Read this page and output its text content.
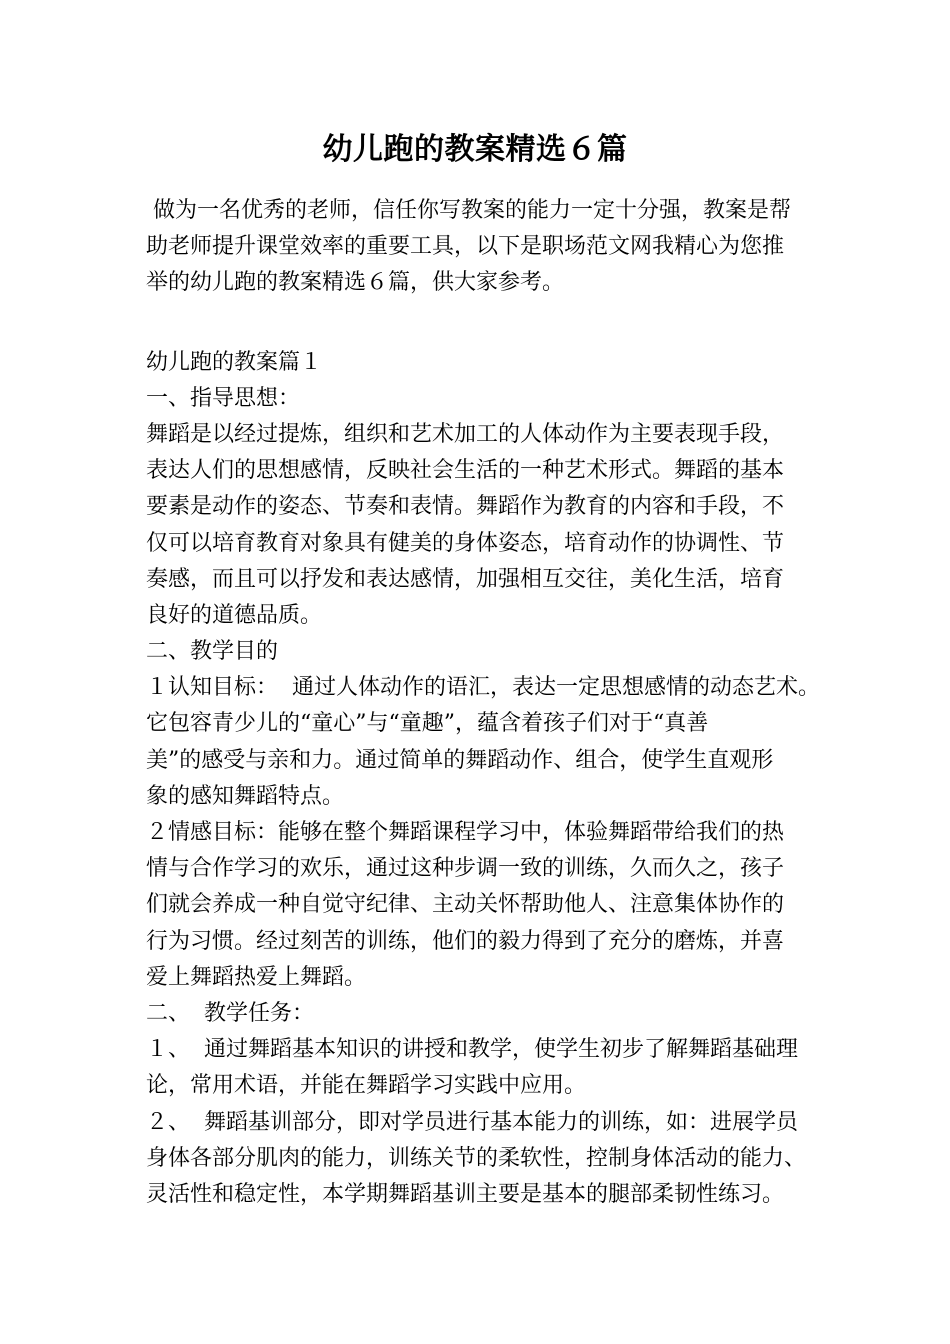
幼儿跑的教案精选６篇
做为一名优秀的老师，信任你写教案的能力一定十分强，教案是帮
助老师提升课堂效率的重要工具，以下是职场范文网我精心为您推
举的幼儿跑的教案精选６篇，供大家参考。
幼儿跑的教案篇１
一、指导思想：
舞蹈是以经过提炼，组织和艺术加工的人体动作为主要表现手段，
表达人们的思想感情，反映社会生活的一种艺术形式。舞蹈的基本
要素是动作的姿态、节奏和表情。舞蹈作为教育的内容和手段，不
仅可以培育教育对象具有健美的身体姿态，培育动作的协调性、节
奏感，而且可以抒发和表达感情，加强相互交往，美化生活，培育
良好的道德品质。
二、教学目的
１认知目标：  通过人体动作的语汇，表达一定思想感情的动态艺术。
它包容青少儿的“童心”与“童趣”，蕴含着孩子们对于“真善
美”的感受与亲和力。通过简单的舞蹈动作、组合，使学生直观形
象的感知舞蹈特点。
２情感目标：能够在整个舞蹈课程学习中，体验舞蹈带给我们的热
情与合作学习的欢乐，通过这种步调一致的训练，久而久之，孩子
们就会养成一种自觉守纪律、主动关怀帮助他人、注意集体协作的
行为习惯。经过刻苦的训练，他们的毅力得到了充分的磨炼，并喜
爱上舞蹈热爱上舞蹈。
二、  教学任务：
１、  通过舞蹈基本知识的讲授和教学，使学生初步了解舞蹈基础理
论，常用术语，并能在舞蹈学习实践中应用。
２、  舞蹈基训部分，即对学员进行基本能力的训练，如：进展学员
身体各部分肌肉的能力，训练关节的柔软性，控制身体活动的能力、
灵活性和稳定性，本学期舞蹈基训主要是基本的腿部柔韧性练习。
